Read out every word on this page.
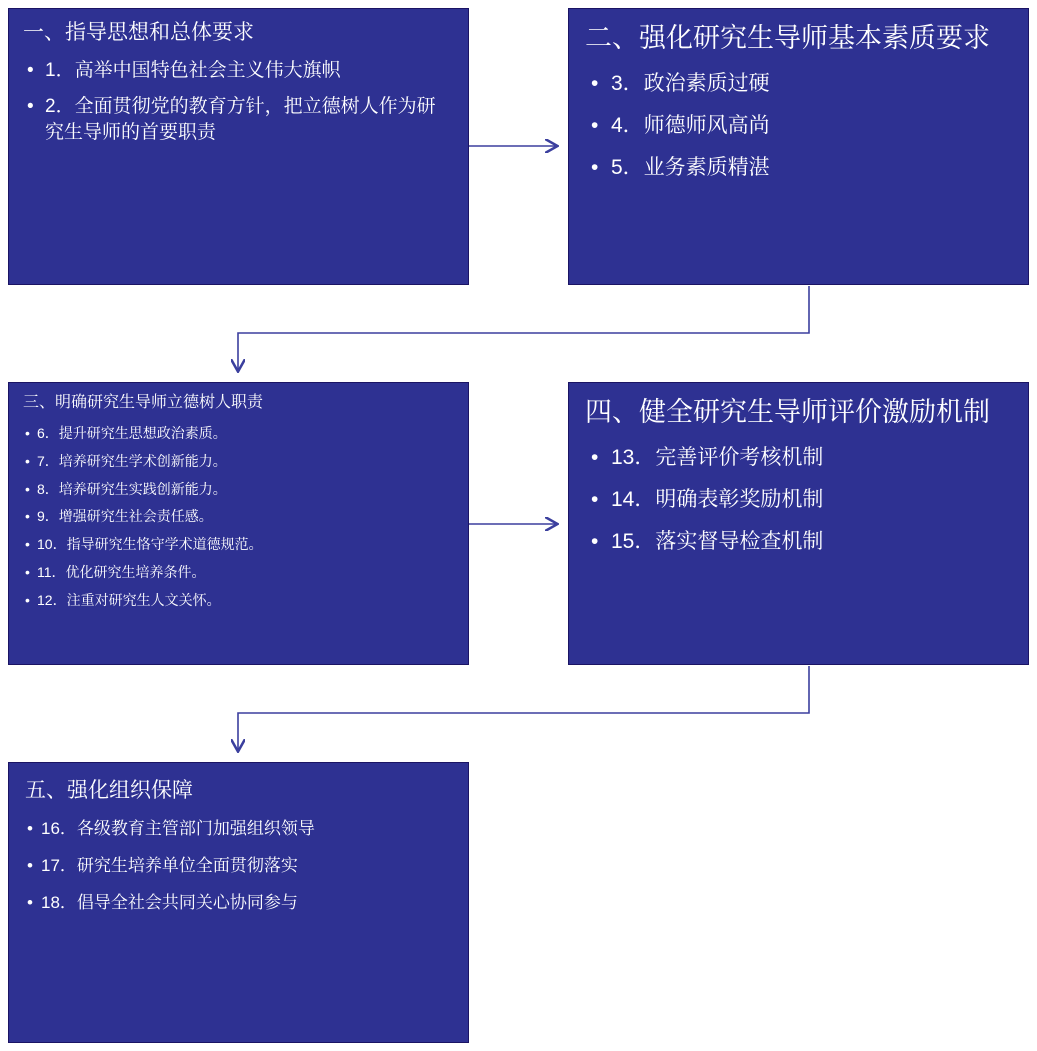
一、指导思想和总体要求
• 1．高举中国特色社会主义伟大旗帜
• 2．全面贯彻党的教育方针，把立德树人作为研究生导师的首要职责
二、强化研究生导师基本素质要求
• 3．政治素质过硬
• 4．师德师风高尚
• 5．业务素质精湛
三、明确研究生导师立德树人职责
• 6．提升研究生思想政治素质。
• 7．培养研究生学术创新能力。
• 8．培养研究生实践创新能力。
• 9．增强研究生社会责任感。
• 10．指导研究生恪守学术道德规范。
• 11．优化研究生培养条件。
• 12．注重对研究生人文关怀。
四、健全研究生导师评价激励机制
• 13．完善评价考核机制
• 14．明确表彰奖励机制
• 15．落实督导检查机制
五、强化组织保障
• 16．各级教育主管部门加强组织领导
• 17．研究生培养单位全面贯彻落实
• 18．倡导全社会共同关心协同参与
